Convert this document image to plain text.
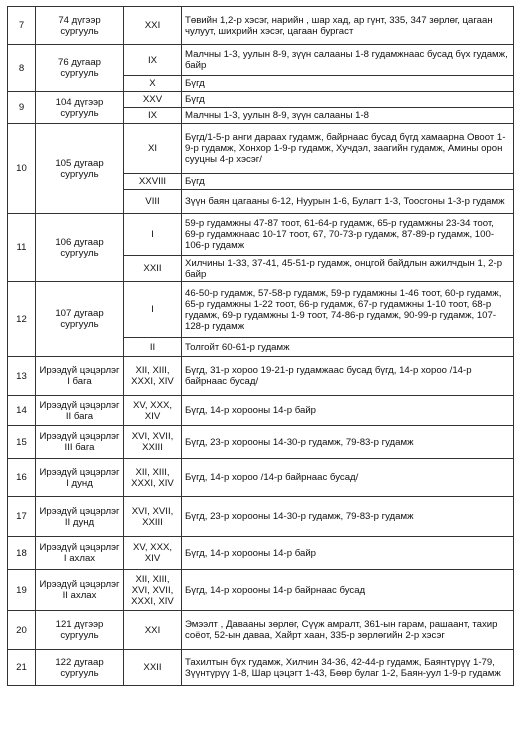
7	74 дүгээр сургууль	XXI	Төвийн 1,2-р хэсэг, нарийн , шар хад, ар гүнт, 335, 347 зөрлөг, цагаан чулуут, шихрийн хэсэг, цагаан бургаст
8	76 дугаар сургууль	IX	Малчны 1-3, уулын 8-9, зүүн салааны 1-8 гудамжнаас бусад бүх гудамж, байр
		X	Бүгд
9	104 дүгээр сургууль	XXV	Бүгд
		IX	Малчны 1-3, уулын 8-9, зүүн салааны 1-8
10	105 дугаар сургууль	XI	Бүгд/1-5-р анги дараах гудамж, байрнаас бусад бүгд хамаарна Овоот 1-9-р гудамж, Хонхор 1-9-р гудамж, Хучдэл, заагийн гудамж, Амины орон сууцны 4-р хэсэг/
		XXVIII	Бүгд
		VIII	Зүүн баян цагааны 6-12, Нуурын 1-6, Булагт 1-3, Тоосгоны 1-3-р гудамж
11	106 дугаар сургууль	I	59-р гудамжны 47-87 тоот, 61-64-р гудамж, 65-р гудамжны 23-34 тоот, 69-р гудамжнаас 10-17 тоот, 67, 70-73-р гудамж, 87-89-р гудамж, 100-106-р гудамж
		XXII	Хилчины 1-33, 37-41, 45-51-р гудамж, онцгой байдлын ажилчдын 1, 2-р байр
12	107 дугаар сургууль	I	46-50-р гудамж, 57-58-р гудамж, 59-р гудамжны 1-46 тоот, 60-р гудамж, 65-р гудамжны 1-22 тоот, 66-р гудамж, 67-р гудамжны 1-10 тоот, 68-р гудамж, 69-р гудамжны 1-9 тоот, 74-86-р гудамж, 90-99-р гудамж, 107-128-р гудамж
		II	Толгойт 60-61-р гудамж
13	Ирээдүй цэцэрлэг I бага	XII, XIII, XXXI, XIV	Бүгд, 31-р хороо 19-21-р гудамжаас бусад бүгд, 14-р хороо /14-р байрнаас бусад/
14	Ирээдүй цэцэрлэг II бага	XV, XXX, XIV	Бүгд, 14-р хорооны 14-р байр
15	Ирээдүй цэцэрлэг III бага	XVI, XVII, XXIII	Бүгд, 23-р хорооны 14-30-р гудамж, 79-83-р гудамж
16	Ирээдүй цэцэрлэг I дунд	XII, XIII, XXXI, XIV	Бүгд, 14-р хороо /14-р байрнаас бусад/
17	Ирээдүй цэцэрлэг II дунд	XVI, XVII, XXIII	Бүгд, 23-р хорооны 14-30-р гудамж, 79-83-р гудамж
18	Ирээдүй цэцэрлэг I ахлах	XV, XXX, XIV	Бүгд, 14-р хорооны 14-р байр
19	Ирээдүй цэцэрлэг II ахлах	XII, XIII, XVI, XVII, XXXI, XIV	Бүгд, 14-р хорооны 14-р байрнаас бусад
20	121 дүгээр сургууль	XXI	Эмээлт , Давааны зөрлөг, Сүүж амралт, 361-ын гарам, рашаант, тахир соёот, 52-ын даваа, Хайрт хаан, 335-р зөрлөгийн 2-р хэсэг
21	122 дугаар сургууль	XXII	Тахилтын бүх гудамж, Хилчин 34-36, 42-44-р гудамж, Баянтүрүү 1-79, Зүүнтүрүү 1-8, Шар цэцэгт 1-43, Бөөр булаг 1-2, Баян-уул 1-9-р гудамж
